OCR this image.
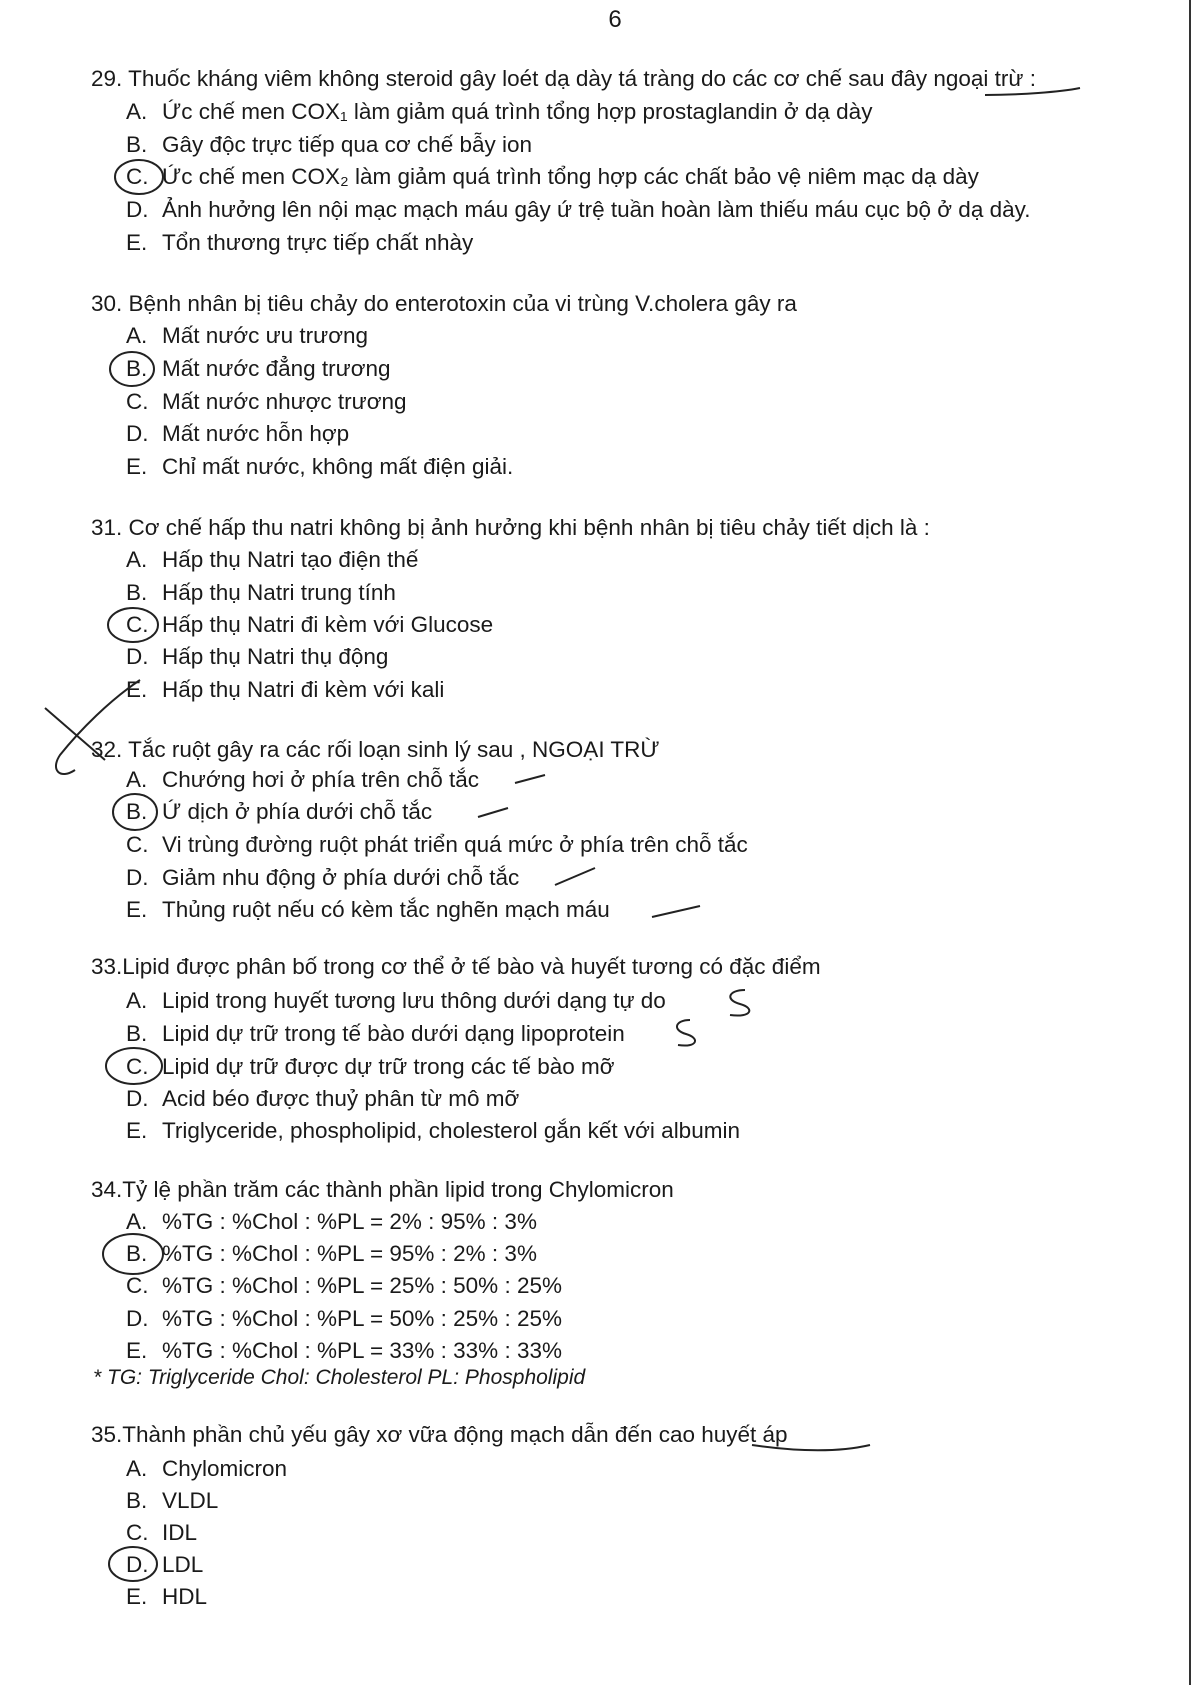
6
29. Thuốc kháng viêm không steroid gây loét dạ dày tá tràng do các cơ chế sau đây ngoại trừ :
A. Ức chế men COX₁ làm giảm quá trình tổng hợp prostaglandin ở dạ dày
B. Gây độc trực tiếp qua cơ chế bẫy ion
C. Ức chế men COX₂ làm giảm quá trình tổng hợp các chất bảo vệ niêm mạc dạ dày
D. Ảnh hưởng lên nội mạc mạch máu gây ứ trệ tuần hoàn làm thiếu máu cục bộ ở dạ dày.
E. Tổn thương trực tiếp chất nhày
30. Bệnh nhân bị tiêu chảy do enterotoxin của vi trùng V.cholera gây ra
A. Mất nước ưu trương
B. Mất nước đẳng trương
C. Mất nước nhược trương
D. Mất nước hỗn hợp
E. Chỉ mất nước, không mất điện giải.
31. Cơ chế hấp thu natri không bị ảnh hưởng khi bệnh nhân bị tiêu chảy tiết dịch là :
A. Hấp thụ Natri tạo điện thế
B. Hấp thụ Natri trung tính
C. Hấp thụ Natri đi kèm với Glucose
D. Hấp thụ Natri thụ động
E. Hấp thụ Natri đi kèm với kali
32. Tắc ruột gây ra các rối loạn sinh lý sau , NGOẠI TRỪ
A. Chướng hơi ở phía trên chỗ tắc
B. Ứ dịch ở phía dưới chỗ tắc
C. Vi trùng đường ruột phát triển quá mức ở phía trên chỗ tắc
D. Giảm nhu động ở phía dưới chỗ tắc
E. Thủng ruột nếu có kèm tắc nghẽn mạch máu
33.Lipid được phân bố trong cơ thể ở tế bào và huyết tương có đặc điểm
A. Lipid trong huyết tương lưu thông dưới dạng tự do
B. Lipid dự trữ trong tế bào dưới dạng lipoprotein
C. Lipid dự trữ được dự trữ trong các tế bào mỡ
D. Acid béo được thuỷ phân từ mô mỡ
E. Triglyceride, phospholipid, cholesterol gắn kết với albumin
34.Tỷ lệ phần trăm các thành phần lipid trong Chylomicron
A. %TG : %Chol : %PL = 2% : 95% : 3%
B. %TG : %Chol : %PL = 95% : 2% : 3%
C. %TG : %Chol : %PL = 25% : 50% : 25%
D. %TG : %Chol : %PL = 50% : 25% : 25%
E. %TG : %Chol : %PL = 33% : 33% : 33%
* TG: Triglyceride Chol: Cholesterol PL: Phospholipid
35.Thành phần chủ yếu gây xơ vữa động mạch dẫn đến cao huyết áp
A. Chylomicron
B. VLDL
C. IDL
D. LDL
E. HDL
